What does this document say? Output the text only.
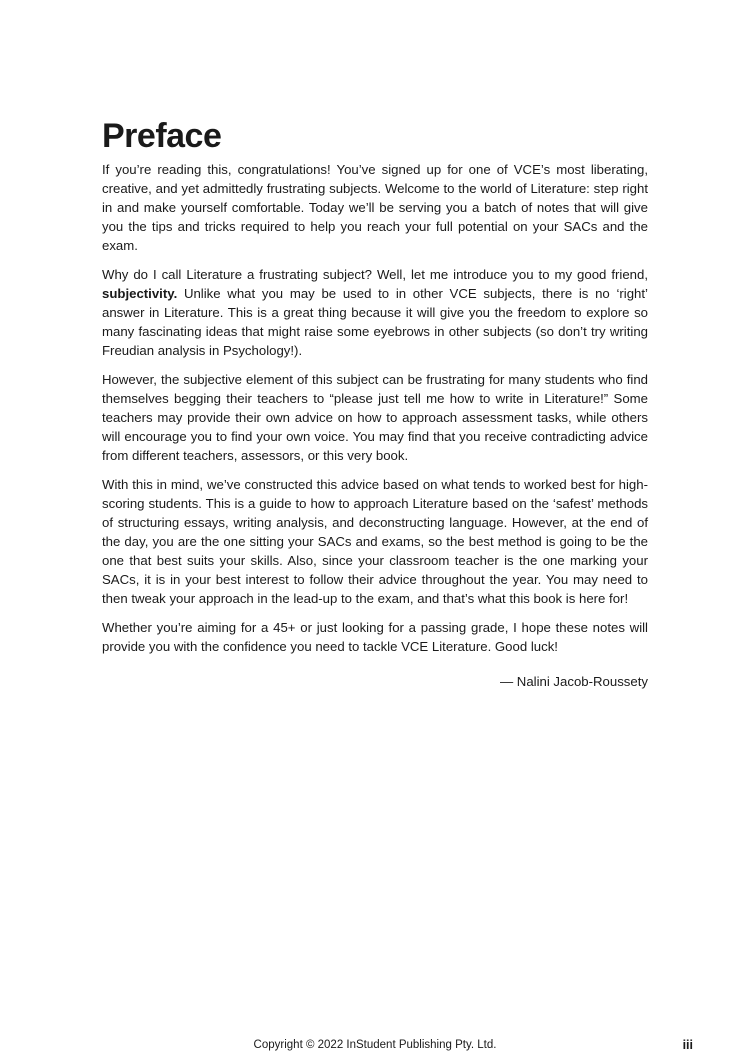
Preface

If you’re reading this, congratulations! You’ve signed up for one of VCE’s most liberating, creative, and yet admittedly frustrating subjects. Welcome to the world of Literature: step right in and make yourself comfortable. Today we’ll be serving you a batch of notes that will give you the tips and tricks required to help you reach your full potential on your SACs and the exam.

Why do I call Literature a frustrating subject? Well, let me introduce you to my good friend, subjectivity. Unlike what you may be used to in other VCE subjects, there is no ‘right’ answer in Literature. This is a great thing because it will give you the freedom to explore so many fascinating ideas that might raise some eyebrows in other subjects (so don’t try writing Freudian analysis in Psychology!).

However, the subjective element of this subject can be frustrating for many students who find themselves begging their teachers to “please just tell me how to write in Literature!” Some teachers may provide their own advice on how to approach assessment tasks, while others will encourage you to find your own voice. You may find that you receive contradicting advice from different teachers, assessors, or this very book.

With this in mind, we’ve constructed this advice based on what tends to worked best for high-scoring students. This is a guide to how to approach Literature based on the ‘safest’ methods of structuring essays, writing analysis, and deconstructing language. However, at the end of the day, you are the one sitting your SACs and exams, so the best method is going to be the one that best suits your skills. Also, since your classroom teacher is the one marking your SACs, it is in your best interest to follow their advice throughout the year. You may need to then tweak your approach in the lead-up to the exam, and that’s what this book is here for!

Whether you’re aiming for a 45+ or just looking for a passing grade, I hope these notes will provide you with the confidence you need to tackle VCE Literature. Good luck!

— Nalini Jacob-Roussety

Copyright © 2022 InStudent Publishing Pty. Ltd.	iii
